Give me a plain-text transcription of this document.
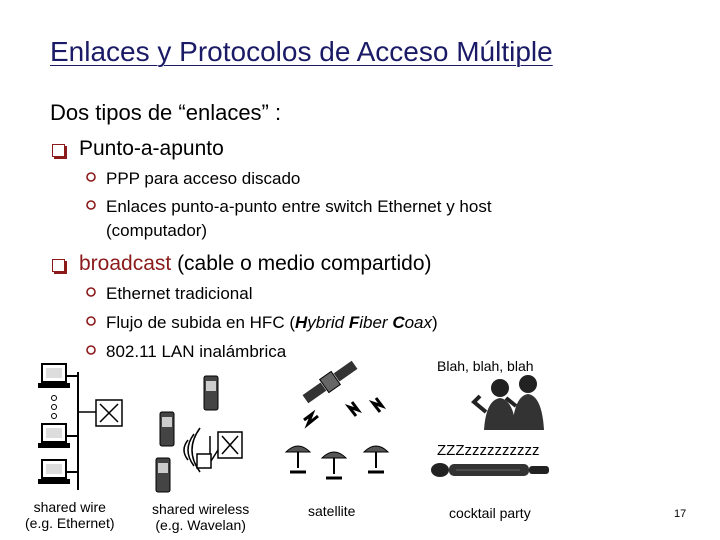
Enlaces y Protocolos de Acceso Múltiple
Dos tipos de “enlaces” :
Punto-a-apunto
PPP para acceso discado
Enlaces punto-a-punto entre switch Ethernet y host
(computador)
broadcast (cable o medio compartido)
Ethernet tradicional
Flujo de subida en HFC (Hybrid Fiber Coax)
802.11 LAN inalámbrica
Blah, blah, blah
ZZZzzzzzzzzzz
shared wire
(e.g. Ethernet)
shared wireless
(e.g. Wavelan)
satellite	cocktail party	17
